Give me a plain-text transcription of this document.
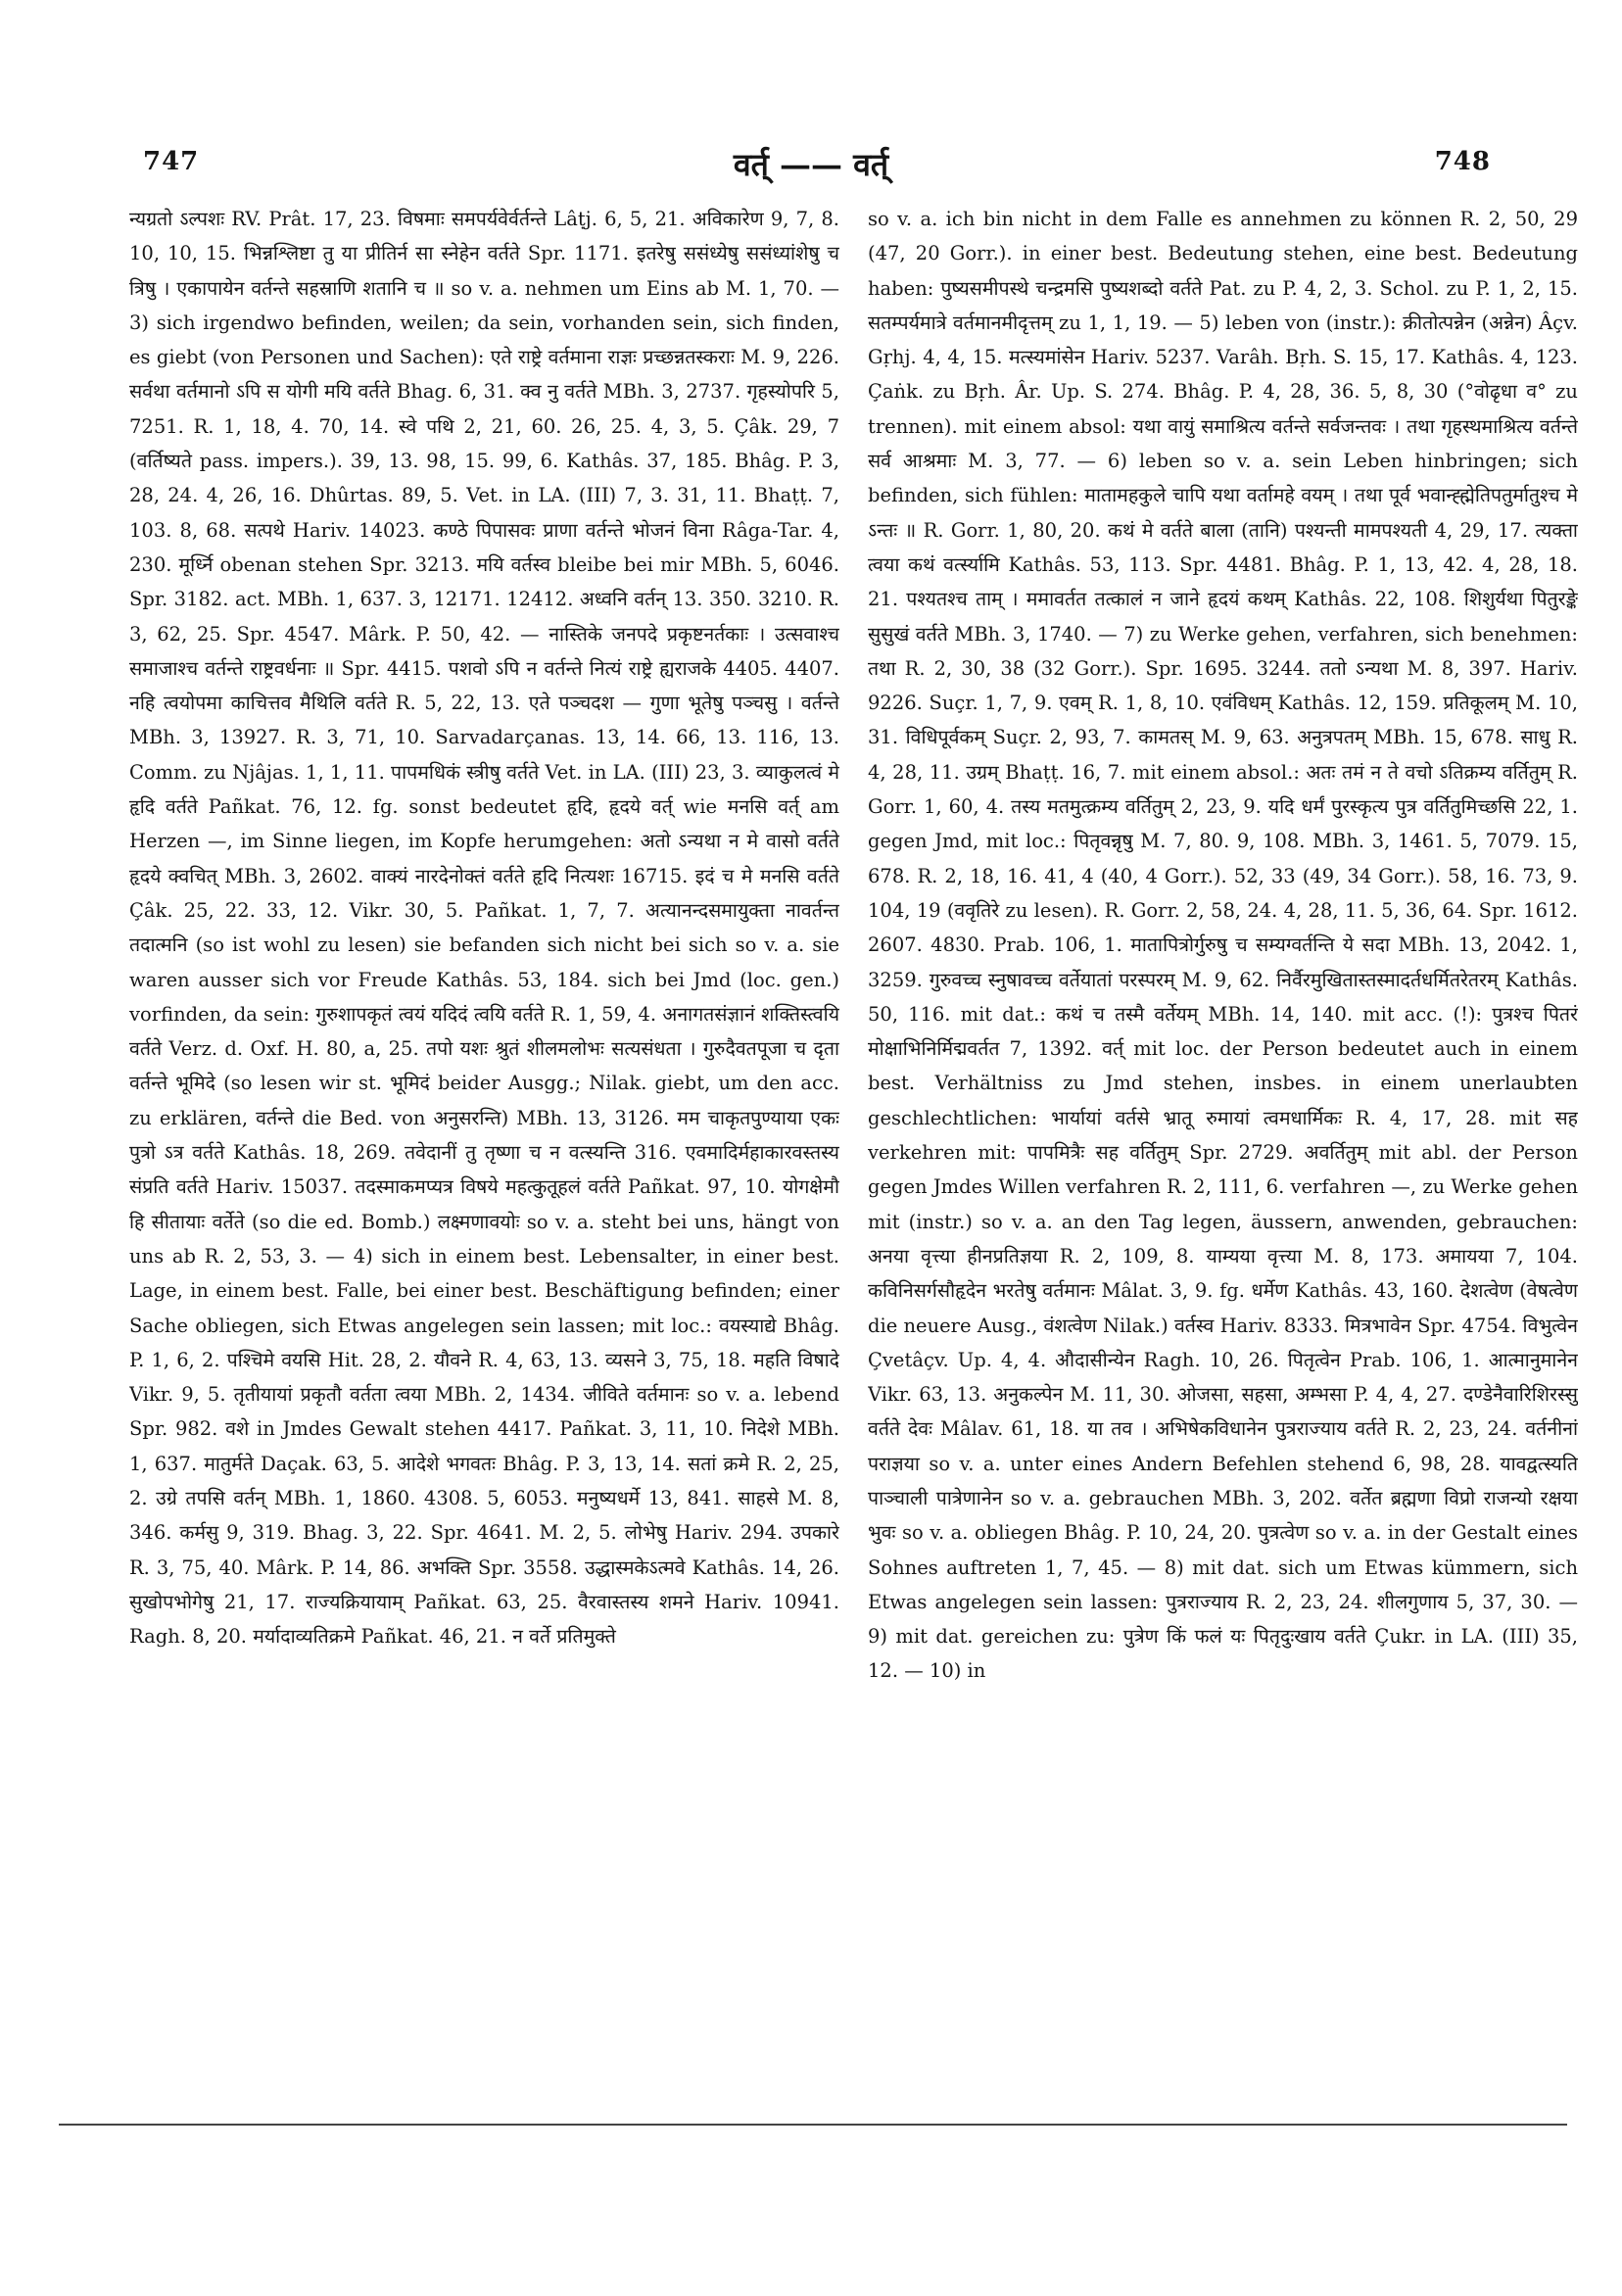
747	वर्त् —— वर्त्	748

न्यग्रतो ऽल्पशः RV. Prât. 17, 23. विषमाः समपर्यवेर्वर्तन्ते Lâṭj. 6, 5, 21. अविकारेण 9, 7, 8. 10, 10, 15. भिन्नश्लिष्टा तु या प्रीतिर्न सा स्नेहेन वर्तते Spr. 1171. इतरेषु ससंध्येषु ससंध्यांशेषु च त्रिषु । एकापायेन वर्तन्ते सहस्राणि शतानि च ॥ so v. a. nehmen um Eins ab M. 1, 70. — 3) sich irgendwo befinden, weilen; da sein, vorhanden sein, sich finden, es giebt (von Personen und Sachen): एते राष्ट्रे वर्तमाना राज्ञः प्रच्छन्नतस्कराः M. 9, 226. सर्वथा वर्तमानो ऽपि स योगी मयि वर्तते Bhag. 6, 31. क्व नु वर्तते MBh. 3, 2737. गृहस्योपरि 5, 7251. R. 1, 18, 4. 70, 14. स्वे पथि 2, 21, 60. 26, 25. 4, 3, 5. Çâk. 29, 7 (वर्तिष्यते pass. impers.). 39, 13. 98, 15. 99, 6. Kathâs. 37, 185. Bhâg. P. 3, 28, 24. 4, 26, 16. Dhûrtas. 89, 5. Vet. in LA. (III) 7, 3. 31, 11. Bhaṭṭ. 7, 103. 8, 68. सत्पथे Hariv. 14023. कण्ठे पिपासवः प्राणा वर्तन्ते भोजनं विना Râga-Tar. 4, 230. मूर्ध्नि obenan stehen Spr. 3213. मयि वर्तस्व bleibe bei mir MBh. 5, 6046. Spr. 3182. act. MBh. 1, 637. 3, 12171. 12412. अध्वनि वर्तन् 13. 350. 3210. R. 3, 62, 25. Spr. 4547. Mârk. P. 50, 42. — नास्तिके जनपदे प्रकृष्टनर्तकाः । उत्सवाश्च समाजाश्च वर्तन्ते राष्ट्रवर्धनाः ॥ Spr. 4415. पशवो ऽपि न वर्तन्ते नित्यं राष्ट्रे ह्यराजके 4405. 4407. नहि त्वयोपमा काचित्तव मैथिलि वर्तते R. 5, 22, 13. एते पञ्चदश — गुणा भूतेषु पञ्चसु । वर्तन्ते MBh. 3, 13927. R. 3, 71, 10. Sarvadarçanas. 13, 14. 66, 13. 116, 13. Comm. zu Njâjas. 1, 1, 11. पापमधिकं स्त्रीषु वर्तते Vet. in LA. (III) 23, 3. व्याकुलत्वं मे हृदि वर्तते Pañkat. 76, 12. fg. sonst bedeutet हृदि, हृदये वर्त् wie मनसि वर्त् am Herzen —, im Sinne liegen, im Kopfe herumgehen: अतो ऽन्यथा न मे वासो वर्तते हृदये क्वचित् MBh. 3, 2602. वाक्यं नारदेनोक्तं वर्तते हृदि नित्यशः 16715. इदं च मे मनसि वर्तते Çâk. 25, 22. 33, 12. Vikr. 30, 5. Pañkat. 1, 7, 7. अत्यानन्दसमायुक्ता नावर्तन्त तदात्मनि (so ist wohl zu lesen) sie befanden sich nicht bei sich so v. a. sie waren ausser sich vor Freude Kathâs. 53, 184. sich bei Jmd (loc. gen.) vorfinden, da sein: गुरुशापकृतं त्वयं यदिदं त्वयि वर्तते R. 1, 59, 4. अनागतसंज्ञानं शक्तिस्त्वयि वर्तते Verz. d. Oxf. H. 80, a, 25. तपो यशः श्रुतं शीलमलोभः सत्यसंधता । गुरुदैवतपूजा च दृता वर्तन्ते भूमिदे (so lesen wir st. भूमिदं beider Ausgg.; Nilak. giebt, um den acc. zu erklären, वर्तन्ते die Bed. von अनुसरन्ति) MBh. 13, 3126. मम चाकृतपुण्याया एकः पुत्रो ऽत्र वर्तते Kathâs. 18, 269. तवेदानीं तु तृष्णा च न वत्स्यन्ति 316. एवमादिर्महाकारवस्तस्य संप्रति वर्तते Hariv. 15037. तदस्माकमप्यत्र विषये महत्कुतूहलं वर्तते Pañkat. 97, 10. योगक्षेमौ हि सीतायाः वर्तेते (so die ed. Bomb.) लक्ष्मणावयोः so v. a. steht bei uns, hängt von uns ab R. 2, 53, 3. — 4) sich in einem best. Lebensalter, in einer best. Lage, in einem best. Falle, bei einer best. Beschäftigung befinden; einer Sache obliegen, sich Etwas angelegen sein lassen; mit loc.: वयस्याद्ये Bhâg. P. 1, 6, 2. पश्चिमे वयसि Hit. 28, 2. यौवने R. 4, 63, 13. व्यसने 3, 75, 18. महति विषादे Vikr. 9, 5. तृतीयायां प्रकृतौ वर्तता त्वया MBh. 2, 1434. जीविते वर्तमानः so v. a. lebend Spr. 982. वशे in Jmdes Gewalt stehen 4417. Pañkat. 3, 11, 10. निदेशे MBh. 1, 637. मातुर्मते Daçak. 63, 5. आदेशे भगवतः Bhâg. P. 3, 13, 14. सतां क्रमे R. 2, 25, 2. उग्रे तपसि वर्तन् MBh. 1, 1860. 4308. 5, 6053. मनुष्यधर्मे 13, 841. साहसे M. 8, 346. कर्मसु 9, 319. Bhag. 3, 22. Spr. 4641. M. 2, 5. लोभेषु Hariv. 294. उपकारे R. 3, 75, 40. Mârk. P. 14, 86. अभक्ति Spr. 3558. उद्धास्मकेऽत्मवे Kathâs. 14, 26. सुखोपभोगेषु 21, 17. राज्यक्रियायाम् Pañkat. 63, 25. वैरवास्तस्य शमने Hariv. 10941. Ragh. 8, 20. मर्यादाव्यतिक्रमे Pañkat. 46, 21. न वर्ते प्रतिमुक्ते

so v. a. ich bin nicht in dem Falle es annehmen zu können R. 2, 50, 29 (47, 20 Gorr.). in einer best. Bedeutung stehen, eine best. Bedeutung haben: पुष्यसमीपस्थे चन्द्रमसि पुष्यशब्दो वर्तते Pat. zu P. 4, 2, 3. Schol. zu P. 1, 2, 15. सतम्पर्यमात्रे वर्तमानमीदृत्तम् zu 1, 1, 19. — 5) leben von (instr.): क्रीतोत्पन्नेन (अन्नेन) Âçv. Gṛhj. 4, 4, 15. मत्स्यमांसेन Hariv. 5237. Varâh. Bṛh. S. 15, 17. Kathâs. 4, 123. Çaṅk. zu Bṛh. Âr. Up. S. 274. Bhâg. P. 4, 28, 36. 5, 8, 30 (°वोढृधा व° zu trennen). mit einem absol: यथा वायुं समाश्रित्य वर्तन्ते सर्वजन्तवः । तथा गृहस्थमाश्रित्य वर्तन्ते सर्व आश्रमाः M. 3, 77. — 6) leben so v. a. sein Leben hinbringen; sich befinden, sich fühlen: मातामहकुले चापि यथा वर्तामहे वयम् । तथा पूर्व भवान्ह्ह्मेतिपतुर्मातुश्च मे ऽन्तः ॥ R. Gorr. 1, 80, 20. कथं मे वर्तते बाला (तानि) पश्यन्ती मामपश्यती 4, 29, 17. त्यक्ता त्वया कथं वर्त्स्यामि Kathâs. 53, 113. Spr. 4481. Bhâg. P. 1, 13, 42. 4, 28, 18. 21. पश्यतश्च ताम् । ममावर्तत तत्कालं न जाने हृदयं कथम् Kathâs. 22, 108. शिशुर्यथा पितुरङ्के सुसुखं वर्तते MBh. 3, 1740. — 7) zu Werke gehen, verfahren, sich benehmen: तथा R. 2, 30, 38 (32 Gorr.). Spr. 1695. 3244. ततो ऽन्यथा M. 8, 397. Hariv. 9226. Suçr. 1, 7, 9. एवम् R. 1, 8, 10. एवंविधम् Kathâs. 12, 159. प्रतिकूलम् M. 10, 31. विधिपूर्वकम् Suçr. 2, 93, 7. कामतस् M. 9, 63. अनुत्रपतम् MBh. 15, 678. साधु R. 4, 28, 11. उग्रम् Bhaṭṭ. 16, 7. mit einem absol.: अतः तमं न ते वचो ऽतिक्रम्य वर्तितुम् R. Gorr. 1, 60, 4. तस्य मतमुत्क्रम्य वर्तितुम् 2, 23, 9. यदि धर्मं पुरस्कृत्य पुत्र वर्तितुमिच्छसि 22, 1. gegen Jmd, mit loc.: पितृवन्नृषु M. 7, 80. 9, 108. MBh. 3, 1461. 5, 7079. 15, 678. R. 2, 18, 16. 41, 4 (40, 4 Gorr.). 52, 33 (49, 34 Gorr.). 58, 16. 73, 9. 104, 19 (ववृतिरे zu lesen). R. Gorr. 2, 58, 24. 4, 28, 11. 5, 36, 64. Spr. 1612. 2607. 4830. Prab. 106, 1. मातापित्रोर्गुरुषु च सम्यग्वर्तन्ति ये सदा MBh. 13, 2042. 1, 3259. गुरुवच्च स्नुषावच्च वर्तेयातां परस्परम् M. 9, 62. निर्वैरमुखितास्तस्मादर्तधर्मितरेतरम् Kathâs. 50, 116. mit dat.: कथं च तस्मै वर्तेयम् MBh. 14, 140. mit acc. (!): पुत्रश्च पितरं मोक्षाभिनिर्मिद्मवर्तत 7, 1392. वर्त् mit loc. der Person bedeutet auch in einem best. Verhältniss zu Jmd stehen, insbes. in einem unerlaubten geschlechtlichen: भार्यायां वर्तसे भ्रातू रुमायां त्वमधार्मिकः R. 4, 17, 28. mit सह verkehren mit: पापमित्रैः सह वर्तितुम् Spr. 2729. अवर्तितुम् mit abl. der Person gegen Jmdes Willen verfahren R. 2, 111, 6. verfahren —, zu Werke gehen mit (instr.) so v. a. an den Tag legen, äussern, anwenden, gebrauchen: अनया वृत्त्या हीनप्रतिज्ञया R. 2, 109, 8. याम्यया वृत्त्या M. 8, 173. अमायया 7, 104. कविनिसर्गसौहृदेन भरतेषु वर्तमानः Mâlat. 3, 9. fg. धर्मेण Kathâs. 43, 160. देशत्वेण (वेषत्वेण die neuere Ausg., वंशत्वेण Nilak.) वर्तस्व Hariv. 8333. मित्रभावेन Spr. 4754. विभुत्वेन Çvetâçv. Up. 4, 4. औदासीन्येन Ragh. 10, 26. पितृत्वेन Prab. 106, 1. आत्मानुमानेन Vikr. 63, 13. अनुकल्पेन M. 11, 30. ओजसा, सहसा, अम्भसा P. 4, 4, 27. दण्डेनैवारिशिरस्सु वर्तते देवः Mâlav. 61, 18. या तव । अभिषेकविधानेन पुत्रराज्याय वर्तते R. 2, 23, 24. वर्तनीनां पराज्ञया so v. a. unter eines Andern Befehlen stehend 6, 98, 28. यावद्वत्स्यति पाञ्चाली पात्रेणानेन so v. a. gebrauchen MBh. 3, 202. वर्तेत ब्रह्मणा विप्रो राजन्यो रक्षया भुवः so v. a. obliegen Bhâg. P. 10, 24, 20. पुत्रत्वेण so v. a. in der Gestalt eines Sohnes auftreten 1, 7, 45. — 8) mit dat. sich um Etwas kümmern, sich Etwas angelegen sein lassen: पुत्रराज्याय R. 2, 23, 24. शीलगुणाय 5, 37, 30. — 9) mit dat. gereichen zu: पुत्रेण किं फलं यः पितृदुःखाय वर्तते Çukr. in LA. (III) 35, 12. — 10) in
